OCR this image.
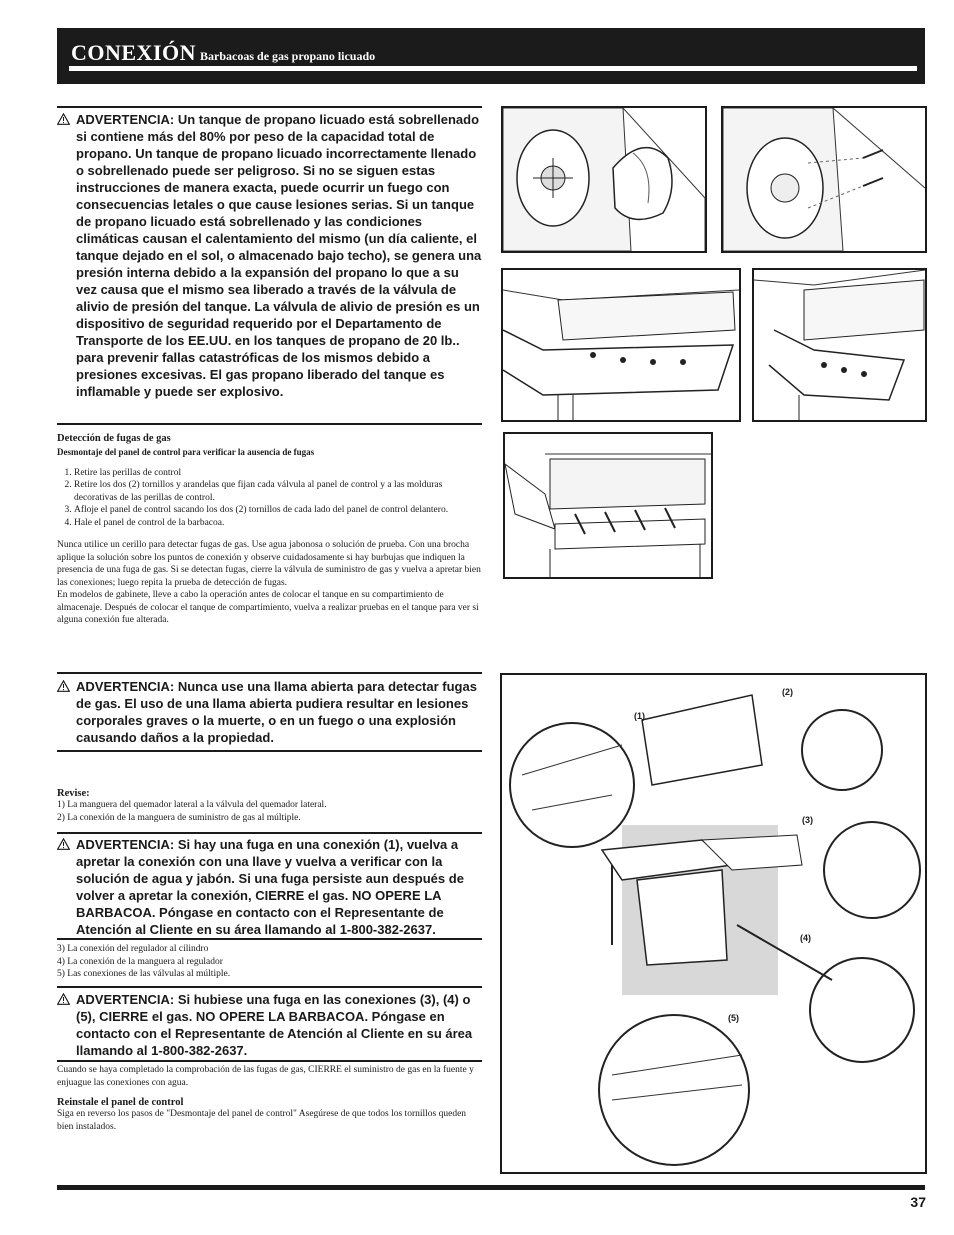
CONEXIÓN Barbacoas de gas propano licuado
ADVERTENCIA: Un tanque de propano licuado está sobrellenado si contiene más del 80% por peso de la capacidad total de propano. Un tanque de propano licuado incorrectamente llenado o sobrellenado puede ser peligroso. Si no se siguen estas instrucciones de manera exacta, puede ocurrir un fuego con consecuencias letales o que cause lesiones serias. Si un tanque de propano licuado está sobrellenado y las condiciones climáticas causan el calentamiento del mismo (un día caliente, el tanque dejado en el sol, o almacenado bajo techo), se genera una presión interna debido a la expansión del propano lo que a su vez causa que el mismo sea liberado a través de la válvula de alivio de presión del tanque. La válvula de alivio de presión es un dispositivo de seguridad requerido por el Departamento de Transporte de los EE.UU. en los tanques de propano de 20 lb.. para prevenir fallas catastróficas de los mismos debido a presiones excesivas. El gas propano liberado del tanque es inflamable y puede ser explosivo.
Detección de fugas de gas
Desmontaje del panel de control para verificar la ausencia de fugas
1. Retire las perillas de control
2. Retire los dos (2) tornillos y arandelas que fijan cada válvula al panel de control y a las molduras decorativas de las perillas de control.
3. Afloje el panel de control sacando los dos (2) tornillos de cada lado del panel de control delantero.
4. Hale el panel de control de la barbacoa.
Nunca utilice un cerillo para detectar fugas de gas. Use agua jabonosa o solución de prueba. Con una brocha aplique la solución sobre los puntos de conexión y observe cuidadosamente si hay burbujas que indiquen la presencia de una fuga de gas. Si se detectan fugas, cierre la válvula de suministro de gas y vuelva a apretar bien las conexiones; luego repita la prueba de detección de fugas.
En modelos de gabinete, lleve a cabo la operación antes de colocar el tanque en su compartimiento de almacenaje. Después de colocar el tanque de compartimiento, vuelva a realizar pruebas en el tanque para ver si alguna conexión fue alterada.
ADVERTENCIA: Nunca use una llama abierta para detectar fugas de gas. El uso de una llama abierta pudiera resultar en lesiones corporales graves o la muerte, o en un fuego o una explosión causando daños a la propiedad.
Revise:
1) La manguera del quemador lateral a la válvula del quemador lateral.
2) La conexión de la manguera de suministro de gas al múltiple.
ADVERTENCIA: Si hay una fuga en una conexión (1), vuelva a apretar la conexión con una llave y vuelva a verificar con la solución de agua y jabón. Si una fuga persiste aun después de volver a apretar la conexión, CIERRE el gas. NO OPERE LA BARBACOA. Póngase en contacto con el Representante de Atención al Cliente en su área llamando al 1-800-382-2637.
3) La conexión del regulador al cilindro
4) La conexión de la manguera al regulador
5) Las conexiones de las válvulas al múltiple.
ADVERTENCIA: Si hubiese una fuga en las conexiones (3), (4) o (5), CIERRE el gas. NO OPERE LA BARBACOA. Póngase en contacto con el Representante de Atención al Cliente en su área llamando al 1-800-382-2637.
Cuando se haya completado la comprobación de las fugas de gas, CIERRE el suministro de gas en la fuente y enjuague las conexiones con agua.
Reinstale el panel de control
Siga en reverso los pasos de "Desmontaje del panel de control" Asegúrese de que todos los tornillos queden bien instalados.
(1)
(2)
(3)
(4)
(5)
37
